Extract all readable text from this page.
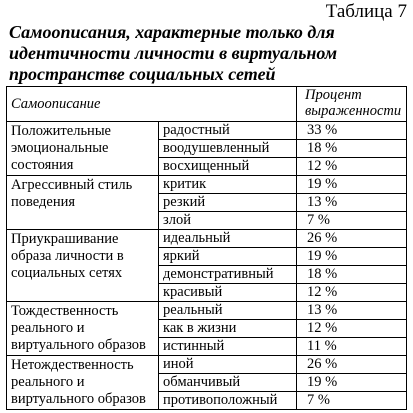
Таблица 7
Самоописания, характерные только для идентичности личности в виртуальном пространстве социальных сетей
Самоописание		Процент выраженности
Положительные эмоциональные состояния	радостный	33 %
	воодушевленный	18 %
	восхищенный	12 %
Агрессивный стиль поведения	критик	19 %
	резкий	13 %
	злой	7 %
Приукрашивание образа личности в социальных сетях	идеальный	26 %
	яркий	19 %
	демонстративный	18 %
	красивый	12 %
Тождественность реального и виртуального образов	реальный	13 %
	как в жизни	12 %
	истинный	11 %
Нетождественность реального и виртуального образов	иной	26 %
	обманчивый	19 %
	противоположный	7 %
